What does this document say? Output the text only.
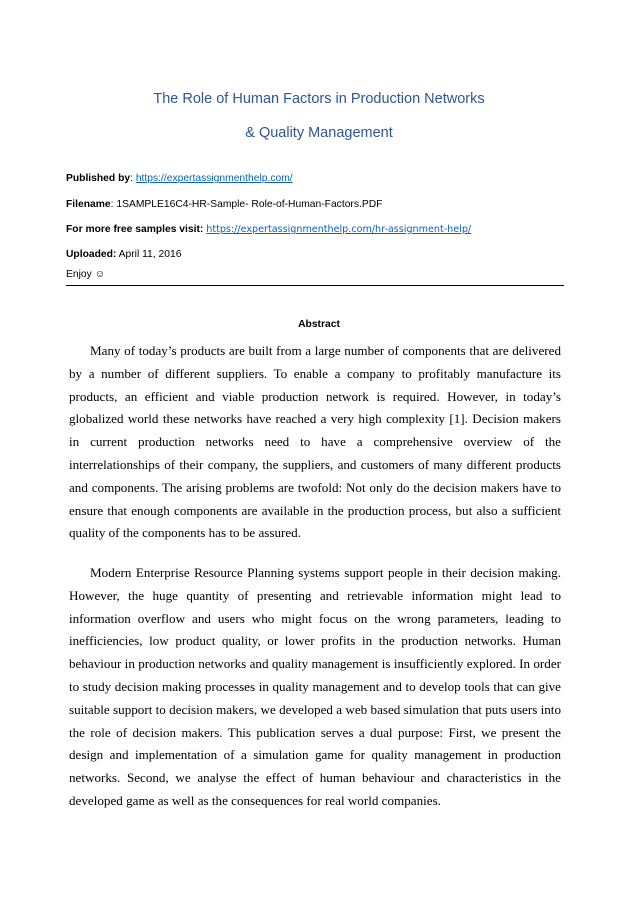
The Role of Human Factors in Production Networks
& Quality Management
Published by: https://expertassignmenthelp.com/
Filename: 1SAMPLE16C4-HR-Sample- Role-of-Human-Factors.PDF
For more free samples visit: https://expertassignmenthelp.com/hr-assignment-help/
Uploaded: April 11, 2016
Enjoy ☺
Abstract

Many of today’s products are built from a large number of components that are delivered by a number of different suppliers. To enable a company to profitably manufacture its products, an efficient and viable production network is required. However, in today’s globalized world these networks have reached a very high complexity [1]. Decision makers in current production networks need to have a comprehensive overview of the interrelationships of their company, the suppliers, and customers of many different products and components. The arising problems are twofold: Not only do the decision makers have to ensure that enough components are available in the production process, but also a sufficient quality of the components has to be assured.

Modern Enterprise Resource Planning systems support people in their decision making. However, the huge quantity of presenting and retrievable information might lead to information overflow and users who might focus on the wrong parameters, leading to inefficiencies, low product quality, or lower profits in the production networks. Human behaviour in production networks and quality management is insufficiently explored. In order to study decision making processes in quality management and to develop tools that can give suitable support to decision makers, we developed a web based simulation that puts users into the role of decision makers. This publication serves a dual purpose: First, we present the design and implementation of a simulation game for quality management in production networks. Second, we analyse the effect of human behaviour and characteristics in the developed game as well as the consequences for real world companies.
